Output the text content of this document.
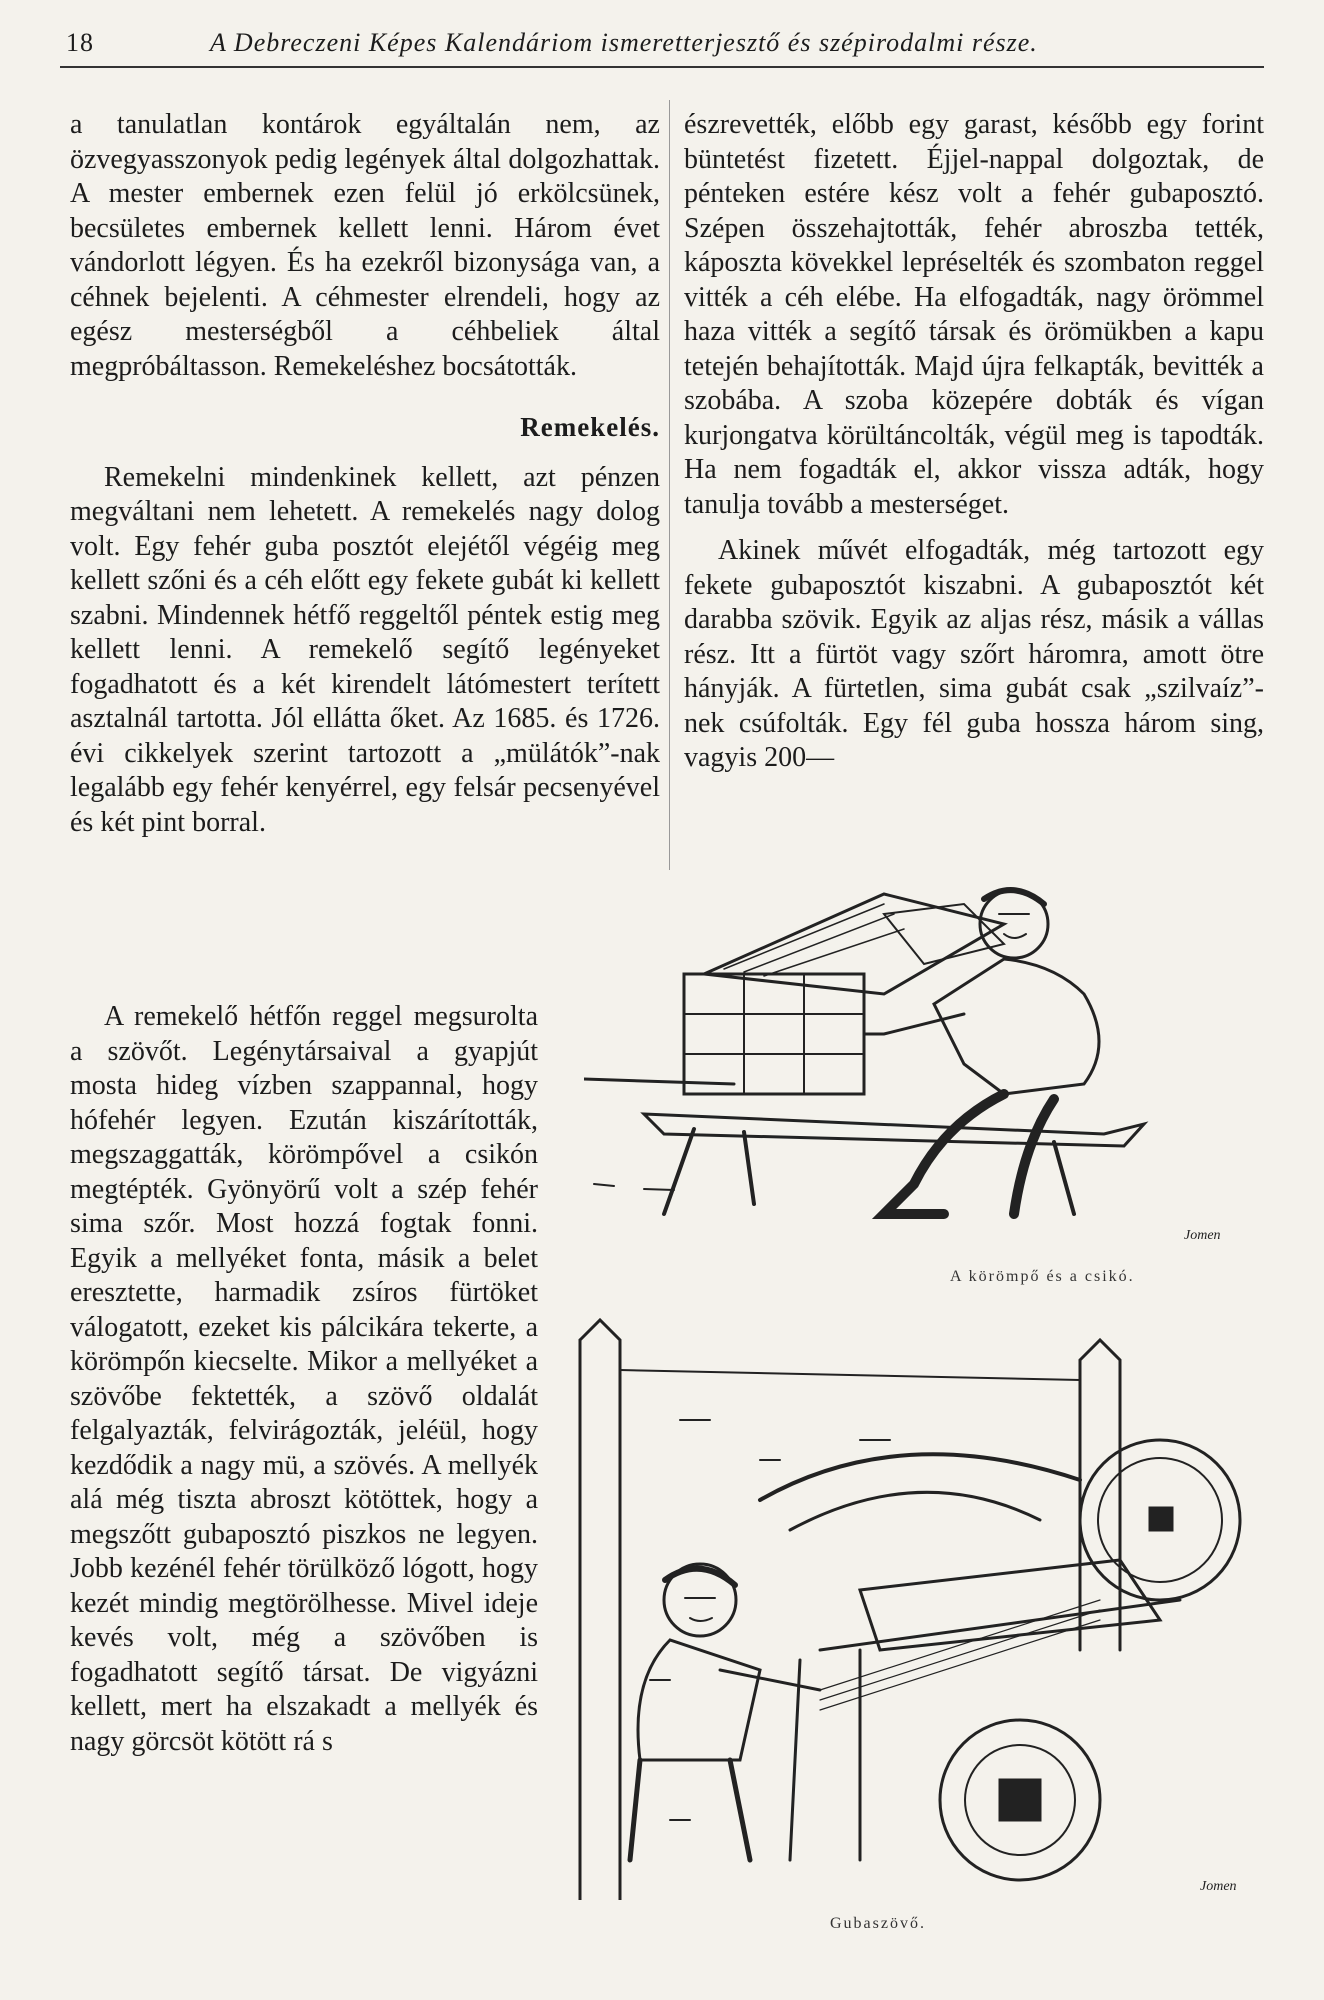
18	A Debreczeni Képes Kalendáriom ismeretterjesztő és szépirodalmi része.

a tanulatlan kontárok egyáltalán nem, az özvegyasszonyok pedig legények által dolgozhattak. A mester embernek ezen felül jó erkölcsünek, becsületes embernek kellett lenni. Három évet vándorlott légyen. És ha ezekről bizonysága van, a céhnek bejelenti. A céhmester elrendeli, hogy az egész mesterségből a céhbeliek által megpróbáltasson. Remekeléshez bocsátották.

Remekelés.

Remekelni mindenkinek kellett, azt pénzen megváltani nem lehetett. A remekelés nagy dolog volt. Egy fehér guba posztót elejétől végéig meg kellett szőni és a céh előtt egy fekete gubát ki kellett szabni. Mindennek hétfő reggeltől péntek estig meg kellett lenni. A remekelő segítő legényeket fogadhatott és a két kirendelt látómestert terített asztalnál tartotta. Jól ellátta őket. Az 1685. és 1726. évi cikkelyek szerint tartozott a „mülátók”-nak legalább egy fehér kenyérrel, egy felsár pecsenyével és két pint borral.

A remekelő hétfőn reggel megsurolta a szövőt. Legénytársaival a gyapjút mosta hideg vízben szappannal, hogy hófehér legyen. Ezután kiszárították, megszaggatták, körömpővel a csikón megtépték. Gyönyörű volt a szép fehér sima szőr. Most hozzá fogtak fonni. Egyik a mellyéket fonta, másik a belet eresztette, harmadik zsíros fürtöket válogatott, ezeket kis pálcikára tekerte, a körömpőn kiecselte. Mikor a mellyéket a szövőbe fektették, a szövő oldalát felgalyazták, felvirágozták, jeléül, hogy kezdődik a nagy mü, a szövés. A mellyék alá még tiszta abroszt kötöttek, hogy a megszőtt gubaposztó piszkos ne legyen. Jobb kezénél fehér törülköző lógott, hogy kezét mindig megtörölhesse. Mivel ideje kevés volt, még a szövőben is fogadhatott segítő társat. De vigyázni kellett, mert ha elszakadt a mellyék és nagy görcsöt kötött rá s

észrevették, előbb egy garast, később egy forint büntetést fizetett. Éjjel-nappal dolgoztak, de pénteken estére kész volt a fehér gubaposztó. Szépen összehajtották, fehér abroszba tették, káposzta kövekkel lepréselték és szombaton reggel vitték a céh elébe. Ha elfogadták, nagy örömmel haza vitték a segítő társak és örömükben a kapu tetején behajították. Majd újra felkapták, bevitték a szobába. A szoba közepére dobták és vígan kurjongatva körültáncolták, végül meg is tapodták. Ha nem fogadták el, akkor vissza adták, hogy tanulja tovább a mesterséget.

Akinek művét elfogadták, még tartozott egy fekete gubaposztót kiszabni. A gubaposztót két darabba szövik. Egyik az aljas rész, másik a vállas rész. Itt a fürtöt vagy szőrt háromra, amott ötre hányják. A fürtetlen, sima gubát csak „szilvaíz”-nek csúfolták. Egy fél guba hossza három sing, vagyis 200—

Jomen
A körömpő és a csikó.
Jomen
Gubaszövő.
